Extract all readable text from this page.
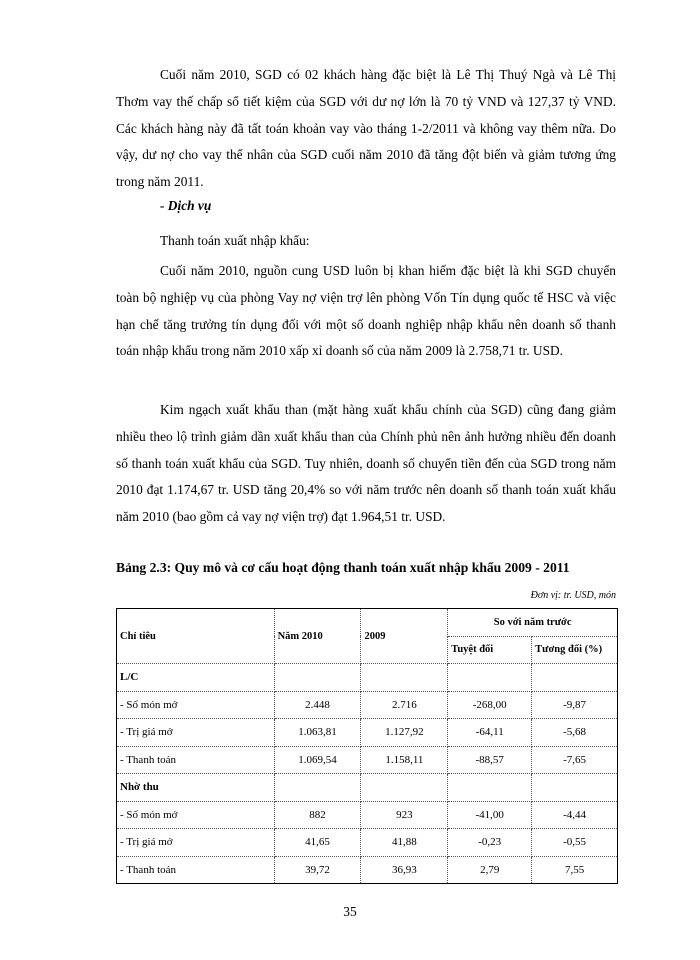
Cuối năm 2010, SGD có 02 khách hàng đặc biệt là Lê Thị Thuý Ngà và Lê Thị Thơm vay thế chấp sổ tiết kiệm của SGD với dư nợ lớn là 70 tỷ VND và 127,37 tỷ VND. Các khách hàng này đã tất toán khoản vay vào tháng 1-2/2011 và không vay thêm nữa. Do vậy, dư nợ cho vay thể nhân của SGD cuối năm 2010 đã tăng đột biến và giảm tương ứng trong năm 2011.

- Dịch vụ

Thanh toán xuất nhập khẩu:

Cuối năm 2010, nguồn cung USD luôn bị khan hiếm đặc biệt là khi SGD chuyển toàn bộ nghiệp vụ của phòng Vay nợ viện trợ lên phòng Vốn Tín dụng quốc tế HSC và việc hạn chế tăng trưởng tín dụng đối với một số doanh nghiệp nhập khẩu nên doanh số thanh toán nhập khẩu trong năm 2010 xấp xỉ doanh số của năm 2009 là 2.758,71 tr. USD.

Kim ngạch xuất khẩu than (mặt hàng xuất khẩu chính của SGD) cũng đang giảm nhiều theo lộ trình giảm dần xuất khẩu than của Chính phủ nên ảnh hưởng nhiều đến doanh số thanh toán xuất khẩu của SGD. Tuy nhiên, doanh số chuyển tiền đến của SGD trong năm 2010 đạt 1.174,67 tr. USD tăng 20,4% so với năm trước nên doanh số thanh toán xuất khẩu năm 2010 (bao gồm cả vay nợ viện trợ) đạt 1.964,51 tr. USD.

Bảng 2.3: Quy mô và cơ cấu hoạt động thanh toán xuất nhập khẩu 2009 - 2011

Đơn vị: tr. USD, món

Chỉ tiêu	Năm 2010	2009	So với năm trước	
			Tuyệt đối	Tương đối (%)
L/C				
- Số món mở	2.448	2.716	-268,00	-9,87
- Trị giá mở	1.063,81	1.127,92	-64,11	-5,68
- Thanh toán	1.069,54	1.158,11	-88,57	-7,65
Nhờ thu				
- Số món mở	882	923	-41,00	-4,44
- Trị giá mở	41,65	41,88	-0,23	-0,55
- Thanh toán	39,72	36,93	2,79	7,55

35
